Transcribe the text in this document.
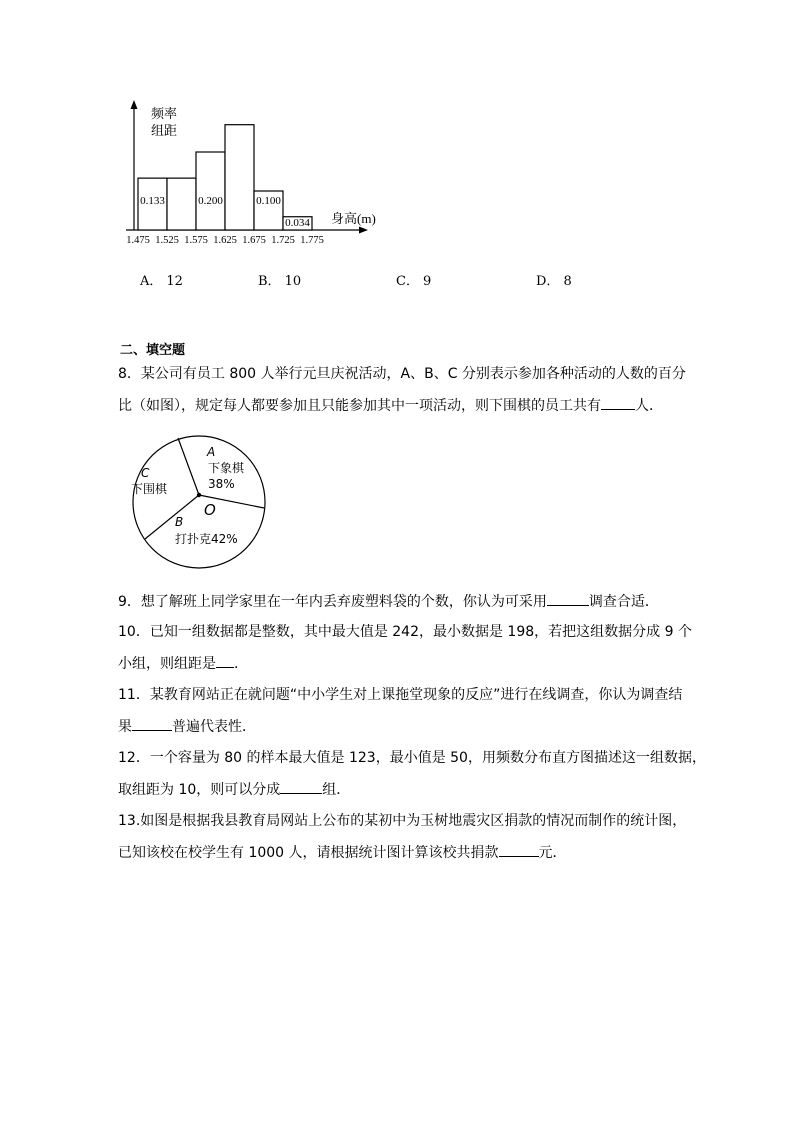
频率
组距
身高(m)
0.133	0.200	0.100
0.034
1.475 1.525 1.575 1.625 1.675 1.725 1.775
A． 12	B． 10	C． 9	D． 8
二、填空题
8．某公司有员工 800 人举行元旦庆祝活动，A、B、C 分别表示参加各种活动的人数的百分
比（如图），规定每人都要参加且只能参加其中一项活动，则下围棋的员工共有 人．
A
下象棋
38%
C
下围棋
O
B
打扑克42%
9．想了解班上同学家里在一年内丢弃废塑料袋的个数，你认为可采用	调查合适．
10．已知一组数据都是整数，其中最大值是 242，最小数据是 198，若把这组数据分成 9 个
小组，则组距是 .
11．某教育网站正在就问题“中小学生对上课拖堂现象的反应”进行在线调查，你认为调查结
果	普遍代表性．
12．一个容量为 80 的样本最大值是 123，最小值是 50，用频数分布直方图描述这一组数据，
取组距为 10，则可以分成	组．
13.如图是根据我县教育局网站上公布的某初中为玉树地震灾区捐款的情况而制作的统计图，
已知该校在校学生有 1000 人，请根据统计图计算该校共捐款	元．
